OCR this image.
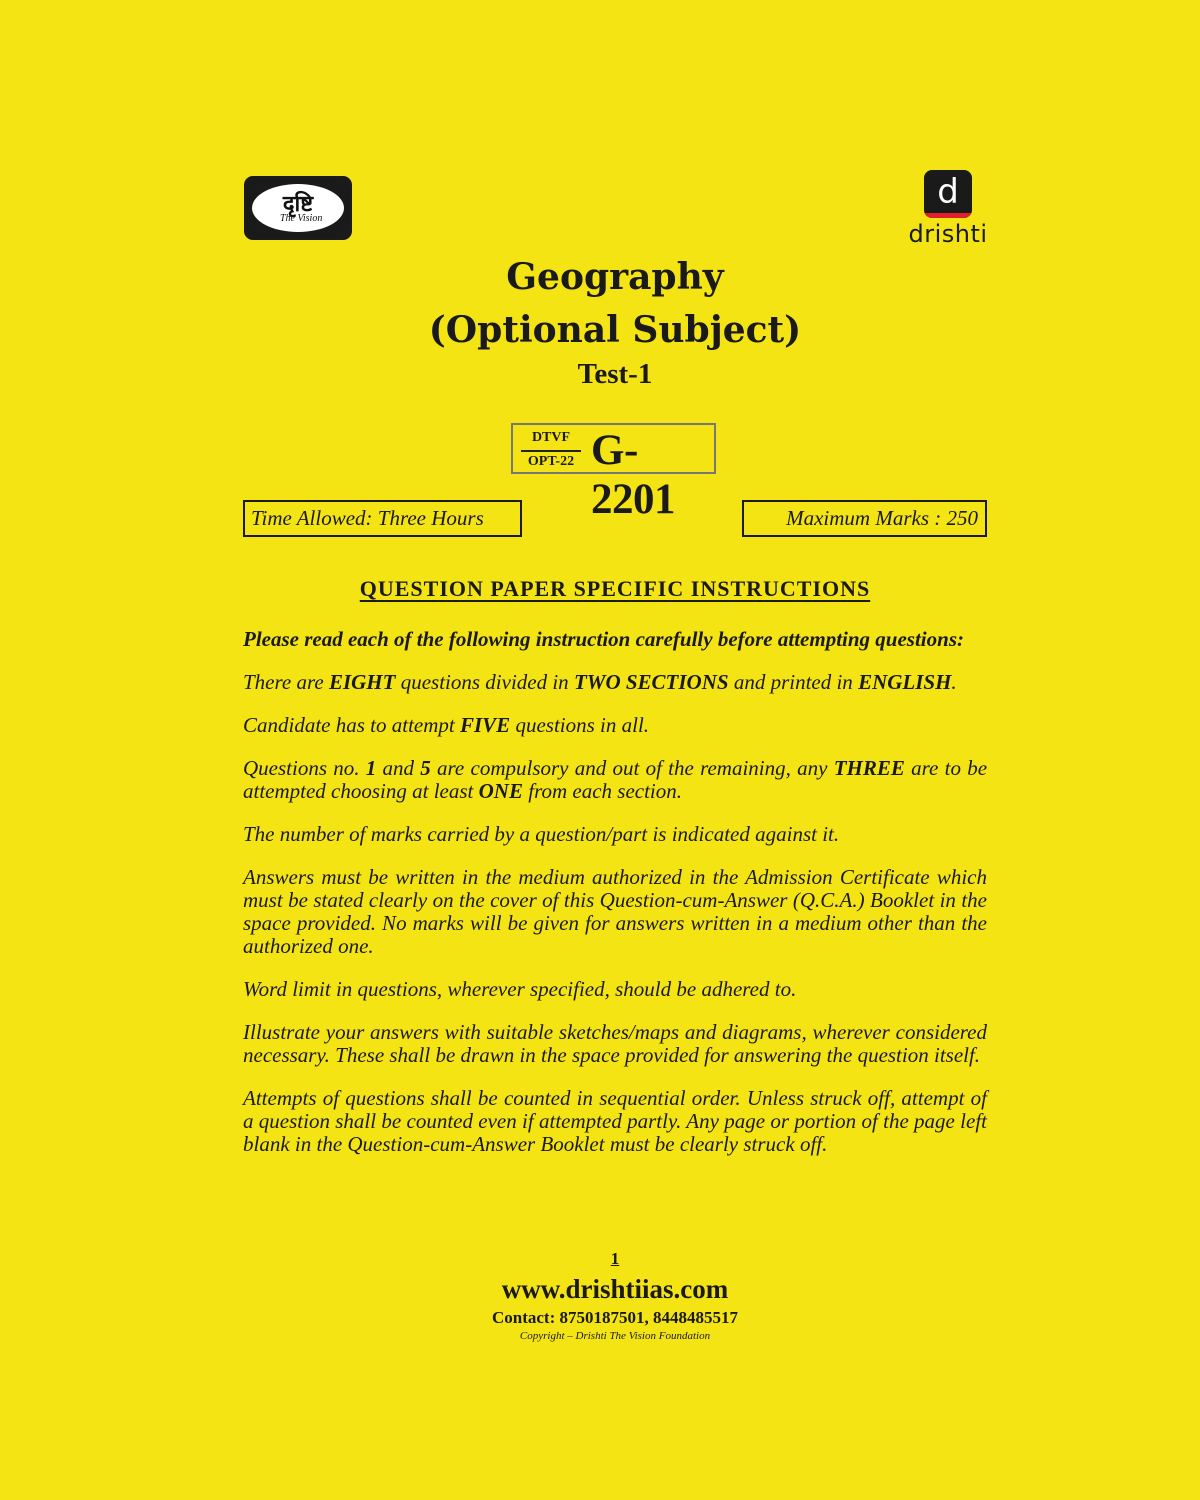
दृष्टि
The Vision
d
drishti
Geography
(Optional Subject)
Test-1
DTVF
OPT-22 G-2201
Time Allowed: Three Hours	Maximum Marks : 250
QUESTION PAPER SPECIFIC INSTRUCTIONS

Please read each of the following instruction carefully before attempting questions:

There are EIGHT questions divided in TWO SECTIONS and printed in ENGLISH.

Candidate has to attempt FIVE questions in all.

Questions no. 1 and 5 are compulsory and out of the remaining, any THREE are to be attempted choosing at least ONE from each section.

The number of marks carried by a question/part is indicated against it.

Answers must be written in the medium authorized in the Admission Certificate which must be stated clearly on the cover of this Question-cum-Answer (Q.C.A.) Booklet in the space provided. No marks will be given for answers written in a medium other than the authorized one.

Word limit in questions, wherever specified, should be adhered to.

Illustrate your answers with suitable sketches/maps and diagrams, wherever considered necessary. These shall be drawn in the space provided for answering the question itself.

Attempts of questions shall be counted in sequential order. Unless struck off, attempt of a question shall be counted even if attempted partly. Any page or portion of the page left blank in the Question-cum-Answer Booklet must be clearly struck off.

1
www.drishtiias.com
Contact: 8750187501, 8448485517
Copyright – Drishti The Vision Foundation
